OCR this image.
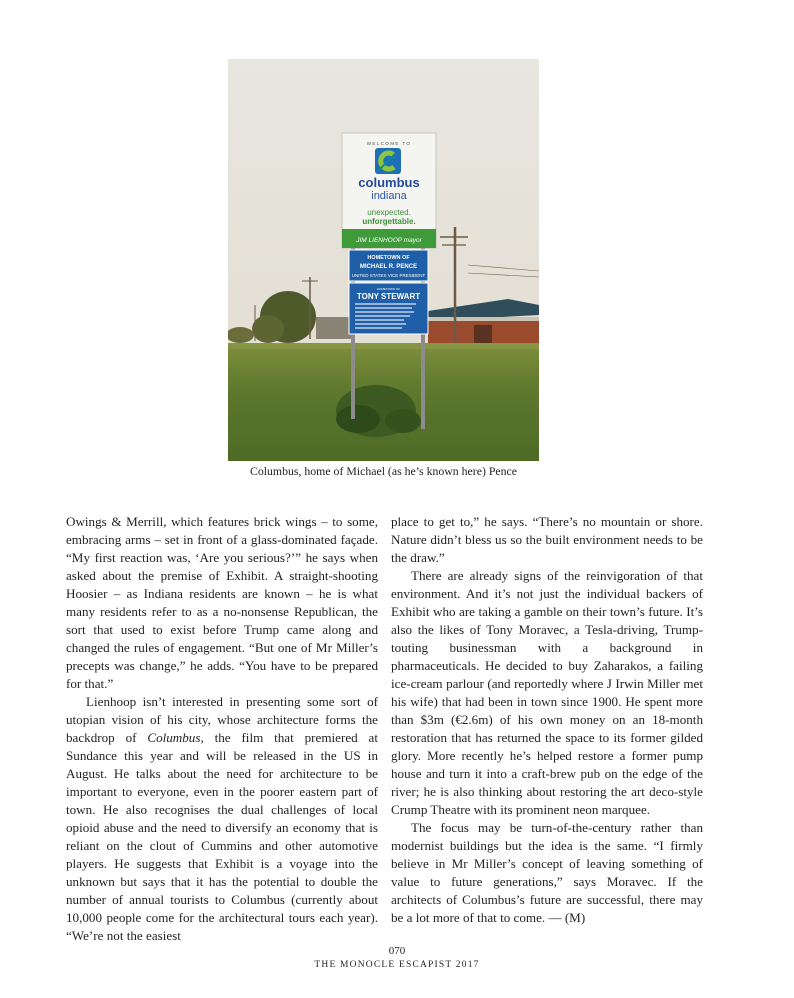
WELCOME TO
columbus
indiana
unexpected.
unforgettable.
JIM LIENHOOP mayor
HOMETOWN OF
MICHAEL R. PENCE
UNITED STATES VICE PRESIDENT
HOMETOWN OF
TONY STEWART
Columbus, home of Michael (as he’s known here) Pence

Owings & Merrill, which features brick wings – to some, embracing arms – set in front of a glass-dominated façade. “My first reaction was, ‘Are you serious?’” he says when asked about the premise of Exhibit. A straight-shooting Hoosier – as Indiana residents are known – he is what many residents refer to as a no-nonsense Republican, the sort that used to exist before Trump came along and changed the rules of engagement. “But one of Mr Miller’s precepts was change,” he adds. “You have to be prepared for that.”

Lienhoop isn’t interested in presenting some sort of utopian vision of his city, whose architecture forms the backdrop of Columbus, the film that premiered at Sundance this year and will be released in the US in August. He talks about the need for architecture to be important to everyone, even in the poorer eastern part of town. He also recognises the dual challenges of local opioid abuse and the need to diversify an economy that is reliant on the clout of Cummins and other automotive players. He suggests that Exhibit is a voyage into the unknown but says that it has the potential to double the number of annual tourists to Columbus (currently about 10,000 people come for the architectural tours each year). “We’re not the easiest

place to get to,” he says. “There’s no mountain or shore. Nature didn’t bless us so the built environment needs to be the draw.”

There are already signs of the reinvigoration of that environment. And it’s not just the individual backers of Exhibit who are taking a gamble on their town’s future. It’s also the likes of Tony Moravec, a Tesla-driving, Trump-touting businessman with a background in pharmaceuticals. He decided to buy Zaharakos, a failing ice-cream parlour (and reportedly where J Irwin Miller met his wife) that had been in town since 1900. He spent more than $3m (€2.6m) of his own money on an 18-month restoration that has returned the space to its former gilded glory. More recently he’s helped restore a former pump house and turn it into a craft-brew pub on the edge of the river; he is also thinking about restoring the art deco-style Crump Theatre with its prominent neon marquee.

The focus may be turn-of-the-century rather than modernist buildings but the idea is the same. “I firmly believe in Mr Miller’s concept of leaving something of value to future generations,” says Moravec. If the architects of Columbus’s future are successful, there may be a lot more of that to come. — (M)

070
THE MONOCLE ESCAPIST 2017
